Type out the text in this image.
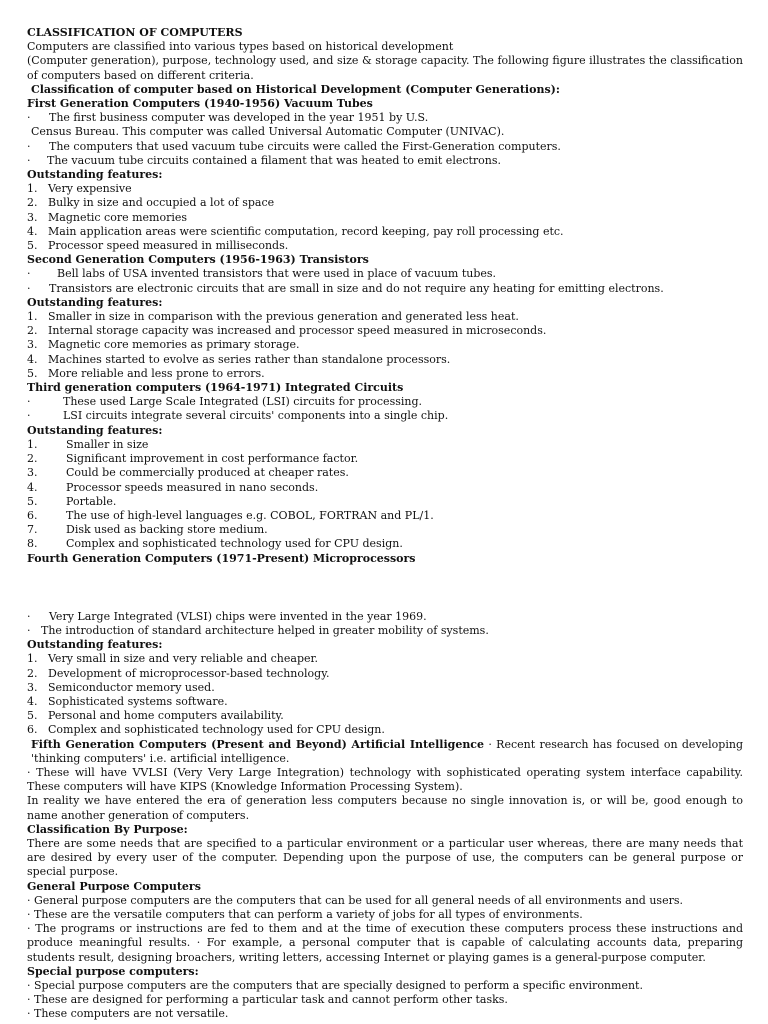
CLASSIFICATION OF COMPUTERS
Computers are classified into various types based on historical development
(Computer generation), purpose, technology used, and size & storage capacity. The following figure illustrates the classification of computers based on different criteria.
Classification of computer based on Historical Development (Computer Generations):
First Generation Computers (1940-1956) Vacuum Tubes
· The first business computer was developed in the year 1951 by U.S.
Census Bureau. This computer was called Universal Automatic Computer (UNIVAC).
· The computers that used vacuum tube circuits were called the First-Generation computers.
· The vacuum tube circuits contained a filament that was heated to emit electrons.
Outstanding features:
1. Very expensive
2. Bulky in size and occupied a lot of space
3. Magnetic core memories
4. Main application areas were scientific computation, record keeping, pay roll processing etc.
5. Processor speed measured in milliseconds.
Second Generation Computers (1956-1963) Transistors
· Bell labs of USA invented transistors that were used in place of vacuum tubes.
· Transistors are electronic circuits that are small in size and do not require any heating for emitting electrons.
Outstanding features:
1. Smaller in size in comparison with the previous generation and generated less heat.
2. Internal storage capacity was increased and processor speed measured in microseconds.
3. Magnetic core memories as primary storage.
4. Machines started to evolve as series rather than standalone processors.
5. More reliable and less prone to errors.
Third generation computers (1964-1971) Integrated Circuits
·	These used Large Scale Integrated (LSI) circuits for processing.
·	LSI circuits integrate several circuits' components into a single chip.
Outstanding features:
1.	Smaller in size
2.	Significant improvement in cost performance factor.
3.	Could be commercially produced at cheaper rates.
4.	Processor speeds measured in nano seconds.
5.	Portable.
6.	The use of high-level languages e.g. COBOL, FORTRAN and PL/1.
7.	Disk used as backing store medium.
8.	Complex and sophisticated technology used for CPU design.
Fourth Generation Computers (1971-Present) Microprocessors
· Very Large Integrated (VLSI) chips were invented in the year 1969.
· The introduction of standard architecture helped in greater mobility of systems.
Outstanding features:
1. Very small in size and very reliable and cheaper.
2. Development of microprocessor-based technology.
3. Semiconductor memory used.
4. Sophisticated systems software.
5. Personal and home computers availability.
6. Complex and sophisticated technology used for CPU design.
Fifth Generation Computers (Present and Beyond) Artificial Intelligence · Recent research has focused on developing 'thinking computers' i.e. artificial intelligence.
· These will have VVLSI (Very Very Large Integration) technology with sophisticated operating system interface capability. These computers will have KIPS (Knowledge Information Processing System).
In reality we have entered the era of generation less computers because no single innovation is, or will be, good enough to name another generation of computers.
Classification By Purpose:
There are some needs that are specified to a particular environment or a particular user whereas, there are many needs that are desired by every user of the computer. Depending upon the purpose of use, the computers can be general purpose or special purpose.
General Purpose Computers
· General purpose computers are the computers that can be used for all general needs of all environments and users.
· These are the versatile computers that can perform a variety of jobs for all types of environments.
· The programs or instructions are fed to them and at the time of execution these computers process these instructions and produce meaningful results. · For example, a personal computer that is capable of calculating accounts data, preparing students result, designing broachers, writing letters, accessing Internet or playing games is a general-purpose computer.
Special purpose computers:
· Special purpose computers are the computers that are specially designed to perform a specific environment.
· These are designed for performing a particular task and cannot perform other tasks.
· These computers are not versatile.
